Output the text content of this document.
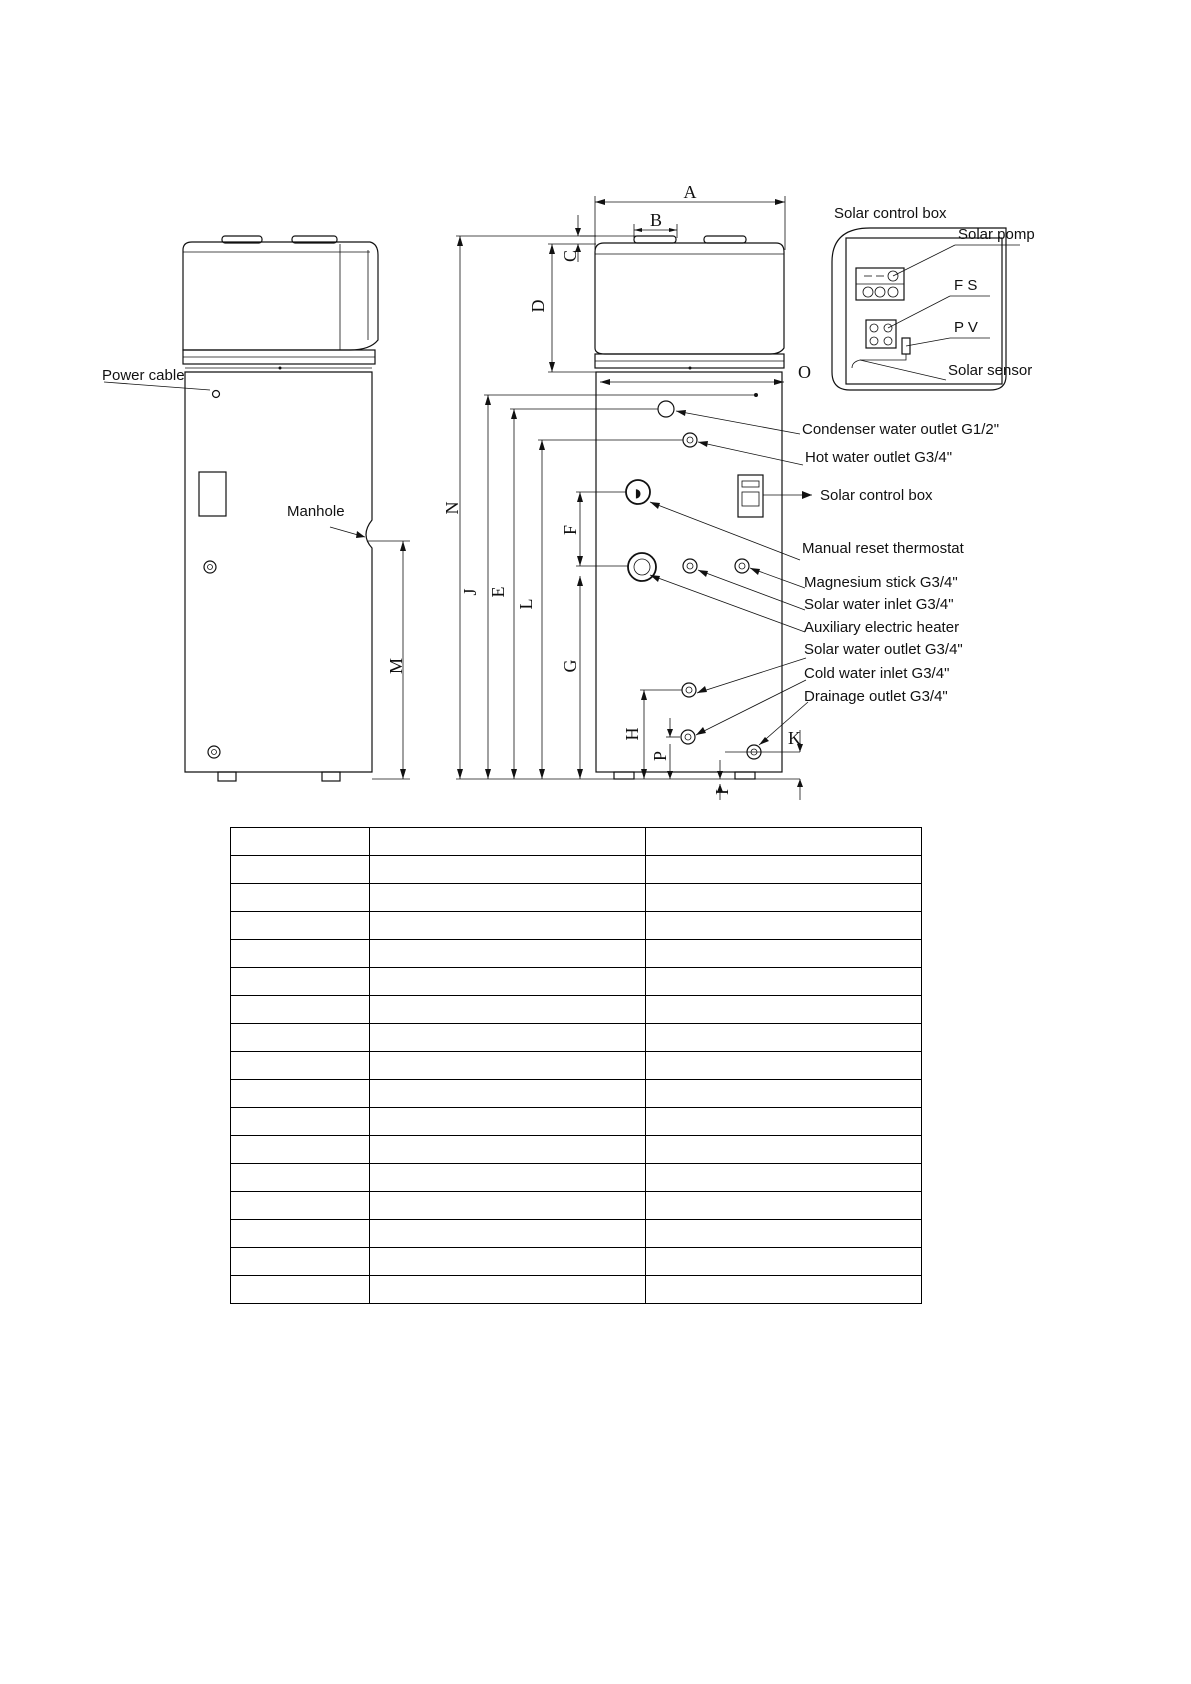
Power cable
Manhole
M
◗
A
B
N
C
D
O
J E
L
F
G
H
P
I
K
Condenser water outlet G1/2"
Hot water outlet G3/4"
Solar control box
Manual reset thermostat
Magnesium stick G3/4"
Solar water inlet G3/4"
Auxiliary electric heater
Solar water outlet G3/4"
Cold water inlet G3/4"
Drainage outlet G3/4"
Solar control box
Solar pomp
F S
P V
Solar sensor
